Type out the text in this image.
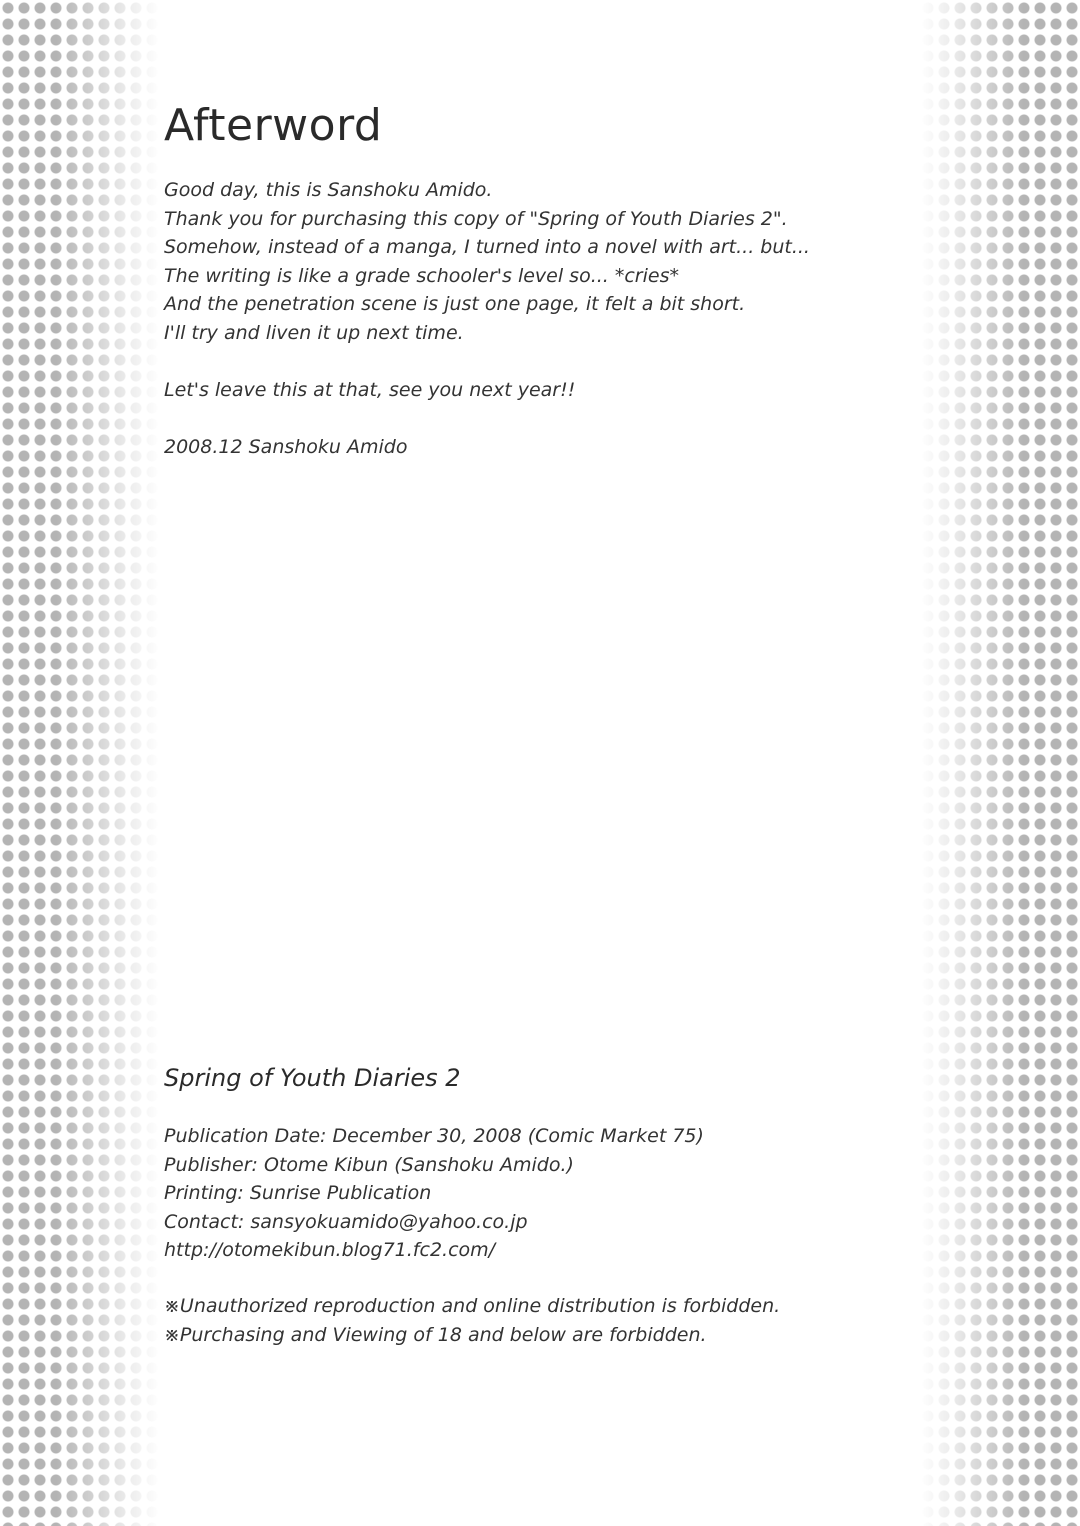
Afterword

Good day, this is Sanshoku Amido.

Thank you for purchasing this copy of "Spring of Youth Diaries 2".

Somehow, instead of a manga, I turned into a novel with art... but...

The writing is like a grade schooler's level so... *cries*

And the penetration scene is just one page, it felt a bit short.

I'll try and liven it up next time.

Let's leave this at that, see you next year!!

2008.12 Sanshoku Amido

Spring of Youth Diaries 2

Publication Date: December 30, 2008 (Comic Market 75)

Publisher: Otome Kibun (Sanshoku Amido.)

Printing: Sunrise Publication

Contact: sansyokuamido@yahoo.co.jp

http://otomekibun.blog71.fc2.com/

※Unauthorized reproduction and online distribution is forbidden.

※Purchasing and Viewing of 18 and below are forbidden.
